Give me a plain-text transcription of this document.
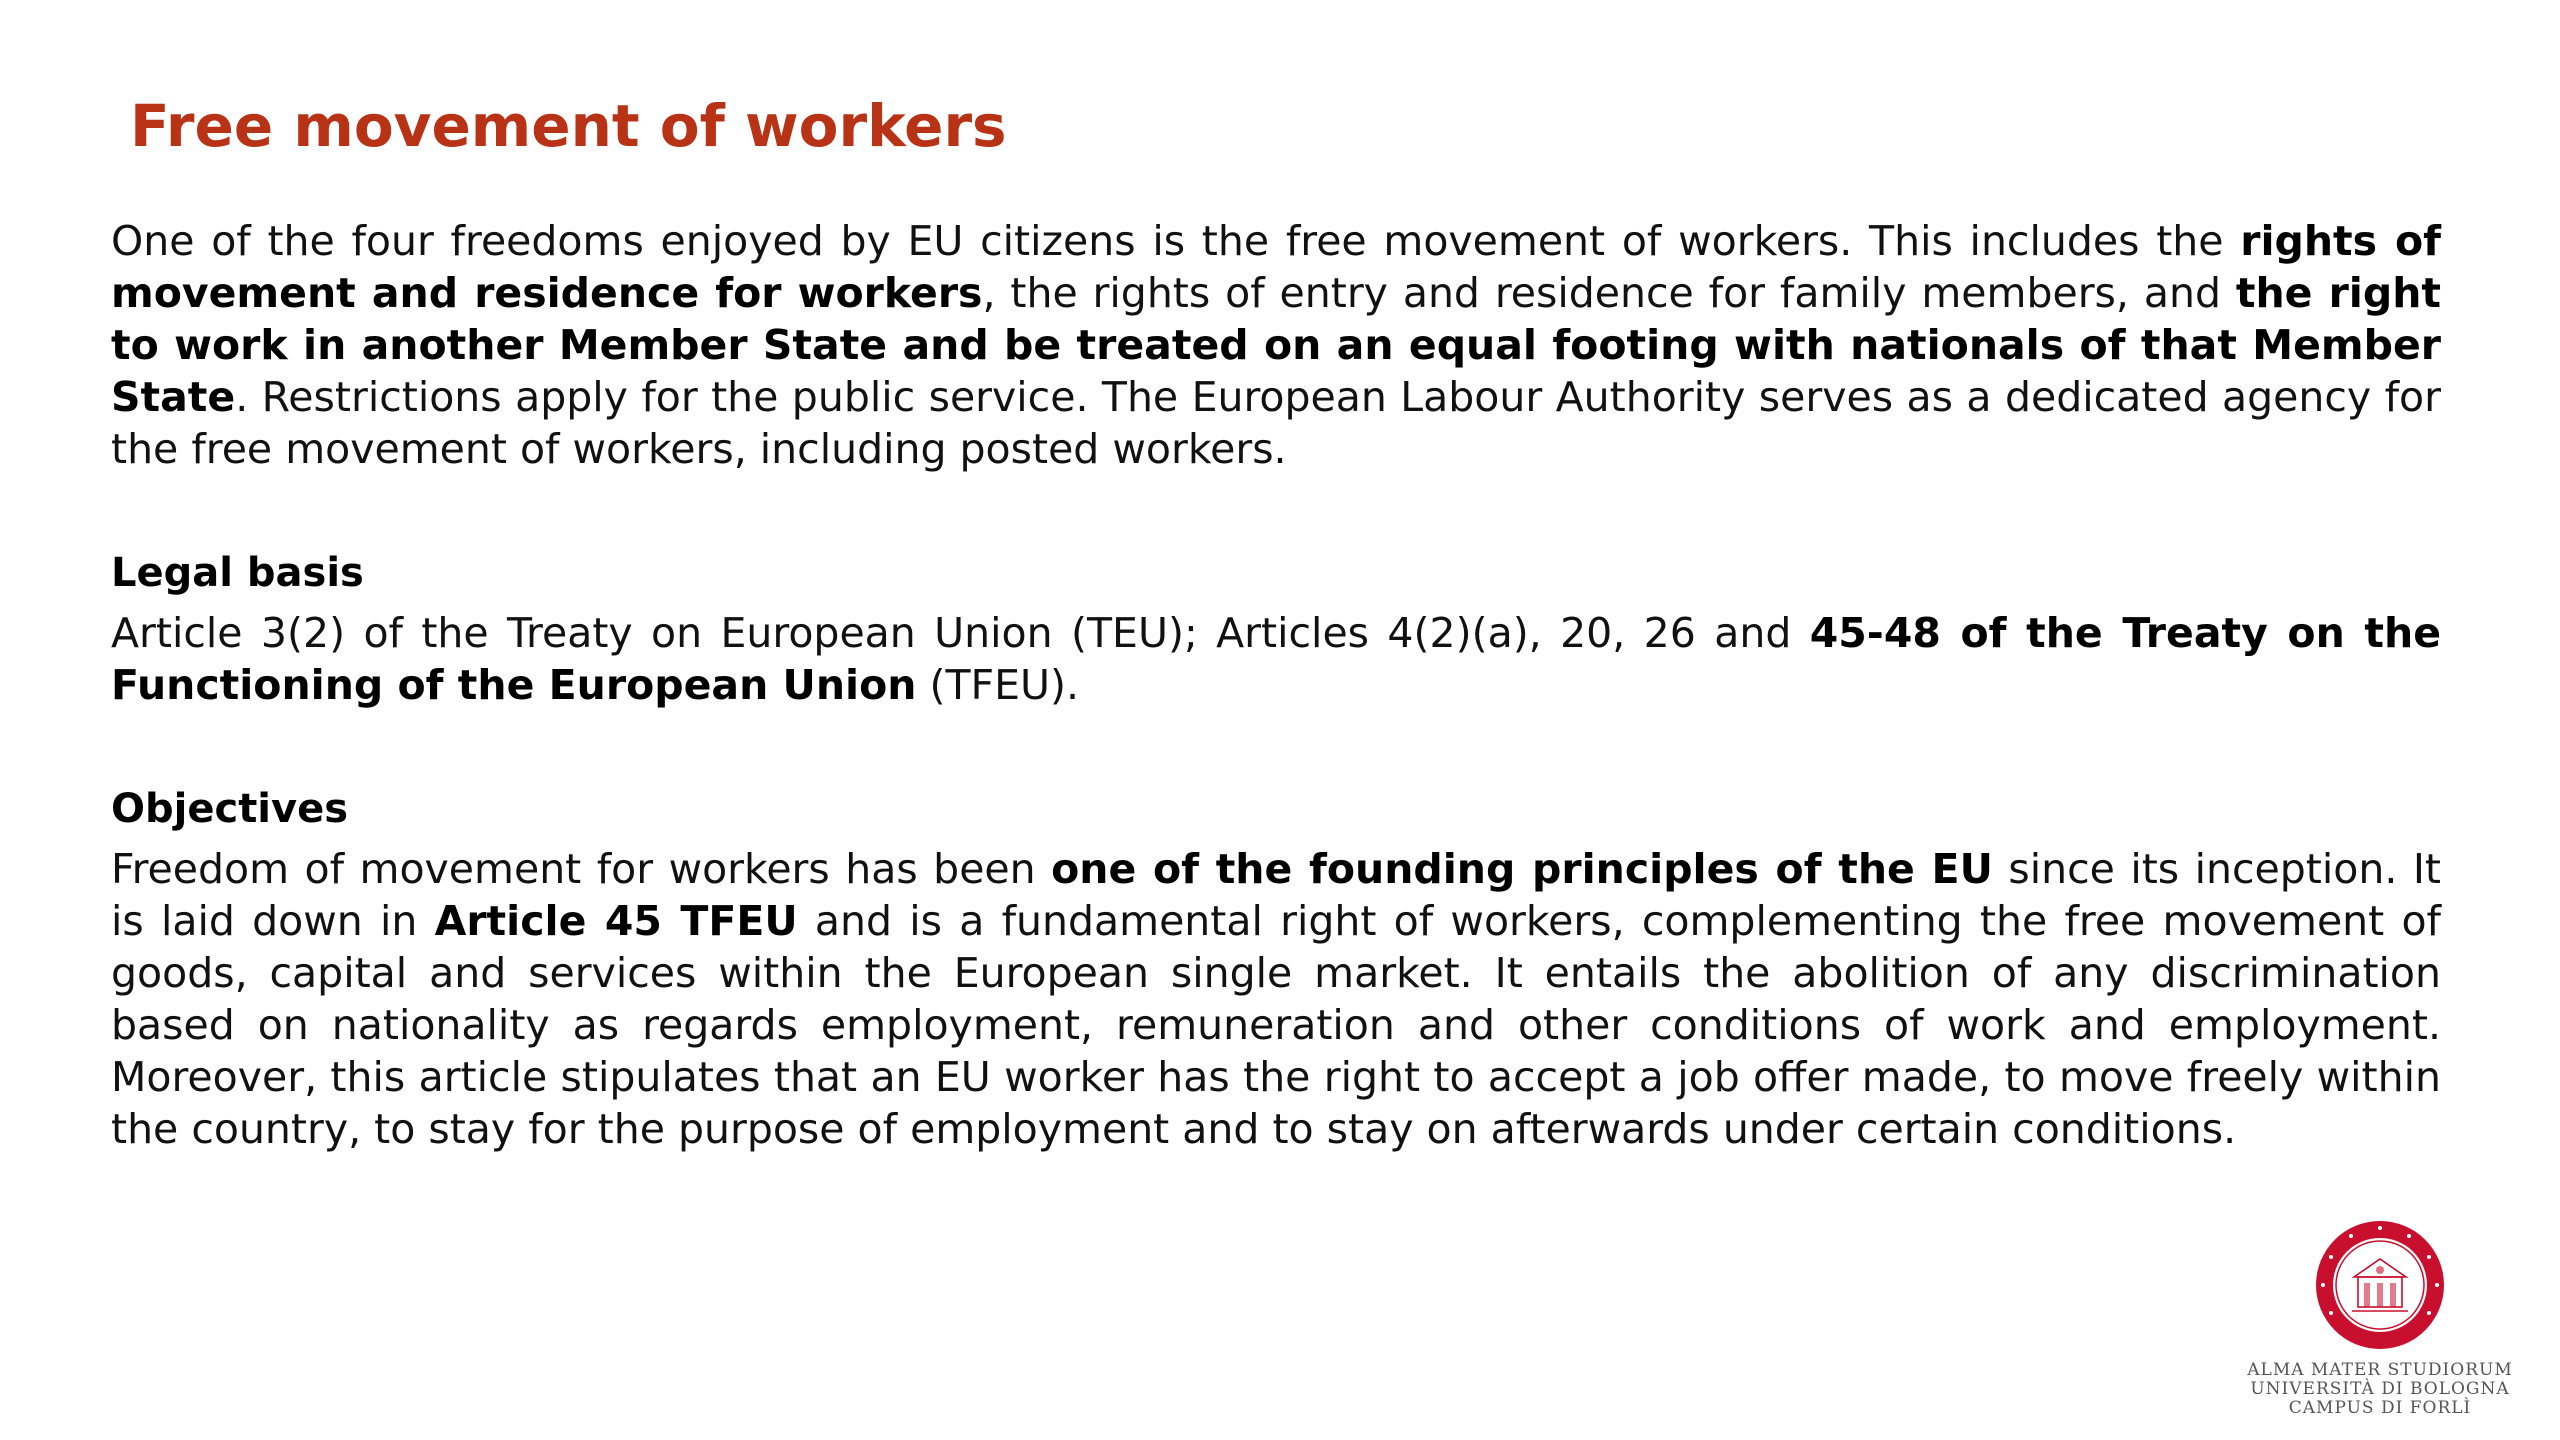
Free movement of workers

One of the four freedoms enjoyed by EU citizens is the free movement of workers. This includes the rights of movement and residence for workers, the rights of entry and residence for family members, and the right to work in another Member State and be treated on an equal footing with nationals of that Member State. Restrictions apply for the public service. The European Labour Authority serves as a dedicated agency for the free movement of workers, including posted workers.

Legal basis

Article 3(2) of the Treaty on European Union (TEU); Articles 4(2)(a), 20, 26 and 45-48 of the Treaty on the Functioning of the European Union (TFEU).

Objectives

Freedom of movement for workers has been one of the founding principles of the EU since its inception. It is laid down in Article 45 TFEU and is a fundamental right of workers, complementing the free movement of goods, capital and services within the European single market. It entails the abolition of any discrimination based on nationality as regards employment, remuneration and other conditions of work and employment. Moreover, this article stipulates that an EU worker has the right to accept a job offer made, to move freely within the country, to stay for the purpose of employment and to stay on afterwards under certain conditions.

ALMA MATER STUDIORUM
UNIVERSITÀ DI BOLOGNA
CAMPUS DI FORLÌ
